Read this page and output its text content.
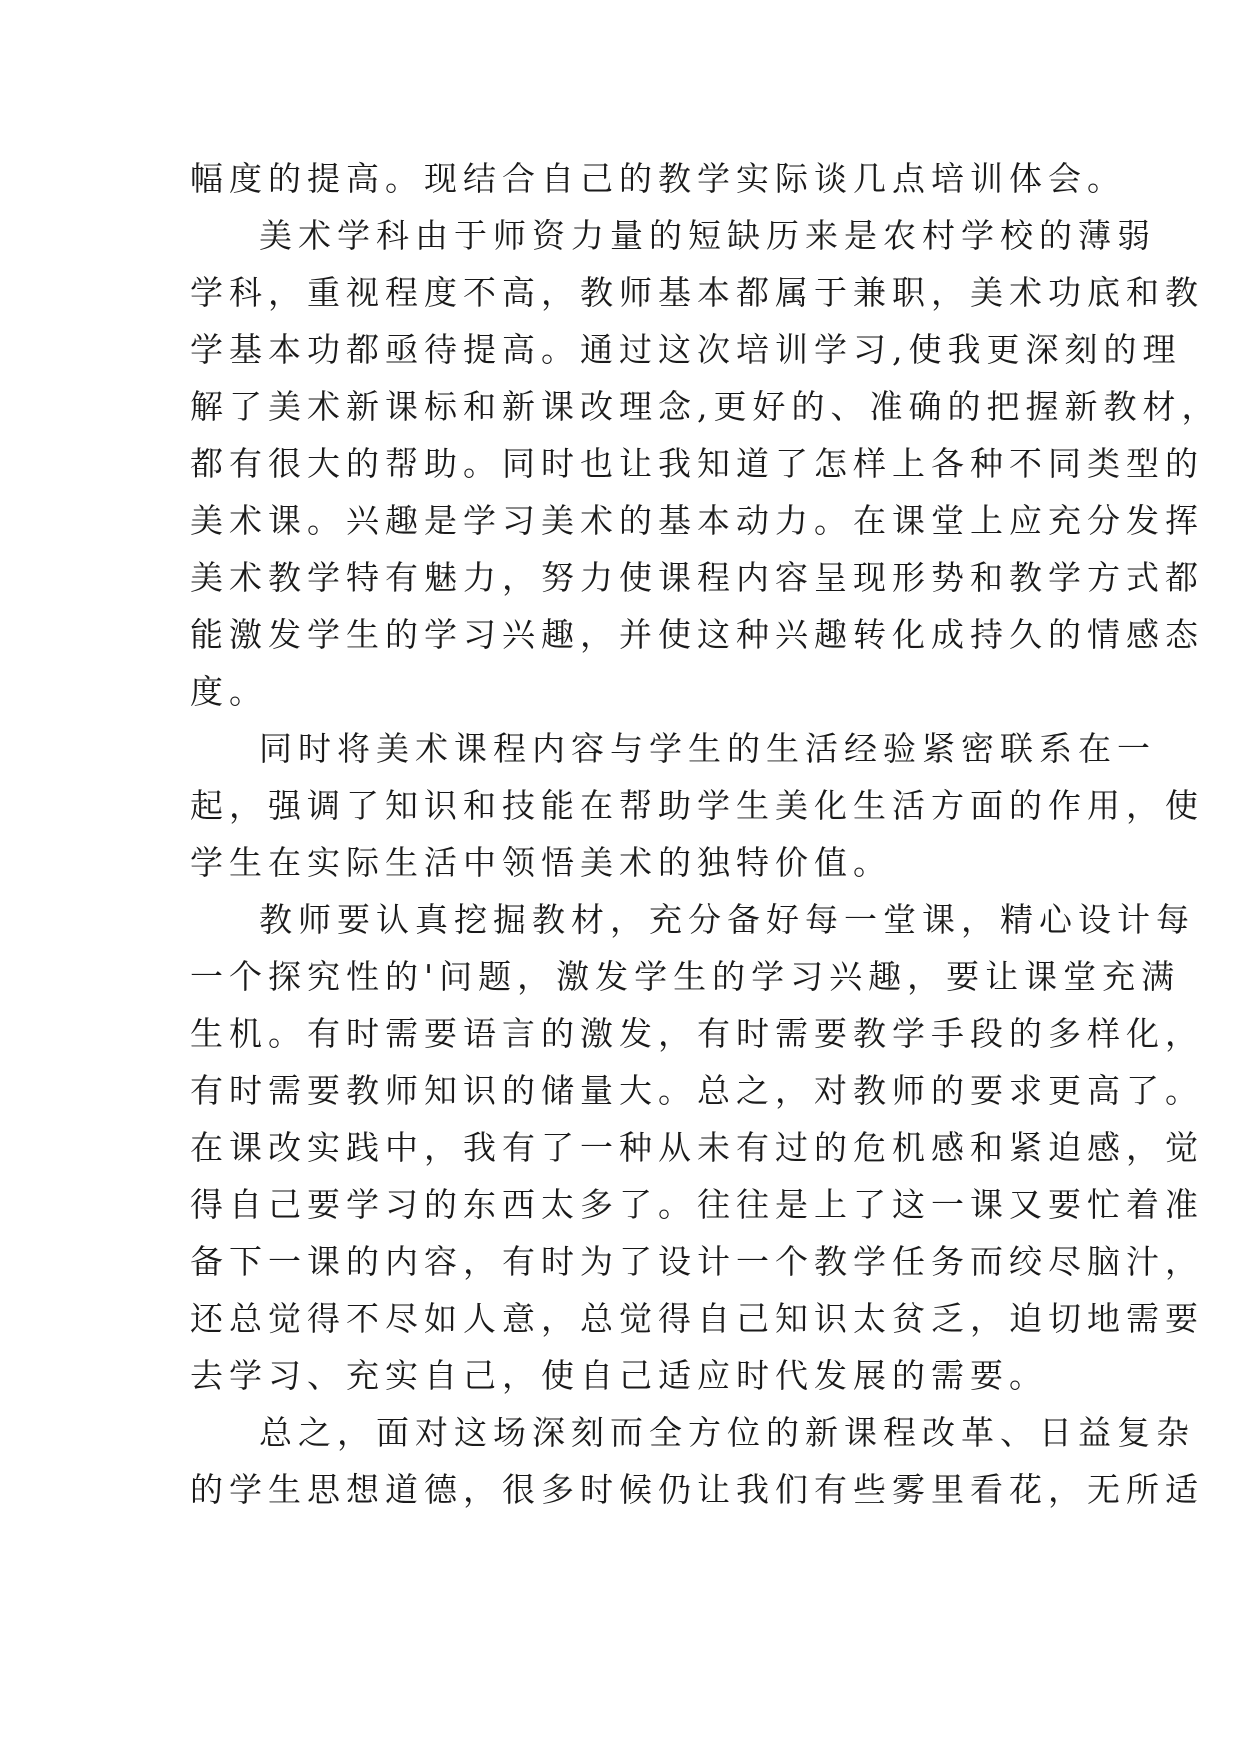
幅度的提高。现结合自己的教学实际谈几点培训体会。
美术学科由于师资力量的短缺历来是农村学校的薄弱
学科，重视程度不高，教师基本都属于兼职，美术功底和教
学基本功都亟待提高。通过这次培训学习,使我更深刻的理
解了美术新课标和新课改理念,更好的、准确的把握新教材，
都有很大的帮助。同时也让我知道了怎样上各种不同类型的
美术课。兴趣是学习美术的基本动力。在课堂上应充分发挥
美术教学特有魅力，努力使课程内容呈现形势和教学方式都
能激发学生的学习兴趣，并使这种兴趣转化成持久的情感态
度。
同时将美术课程内容与学生的生活经验紧密联系在一
起，强调了知识和技能在帮助学生美化生活方面的作用，使
学生在实际生活中领悟美术的独特价值。
教师要认真挖掘教材，充分备好每一堂课，精心设计每
一个探究性的'问题，激发学生的学习兴趣，要让课堂充满
生机。有时需要语言的激发，有时需要教学手段的多样化，
有时需要教师知识的储量大。总之，对教师的要求更高了。
在课改实践中，我有了一种从未有过的危机感和紧迫感，觉
得自己要学习的东西太多了。往往是上了这一课又要忙着准
备下一课的内容，有时为了设计一个教学任务而绞尽脑汁，
还总觉得不尽如人意，总觉得自己知识太贫乏，迫切地需要
去学习、充实自己，使自己适应时代发展的需要。
总之，面对这场深刻而全方位的新课程改革、日益复杂
的学生思想道德，很多时候仍让我们有些雾里看花，无所适
